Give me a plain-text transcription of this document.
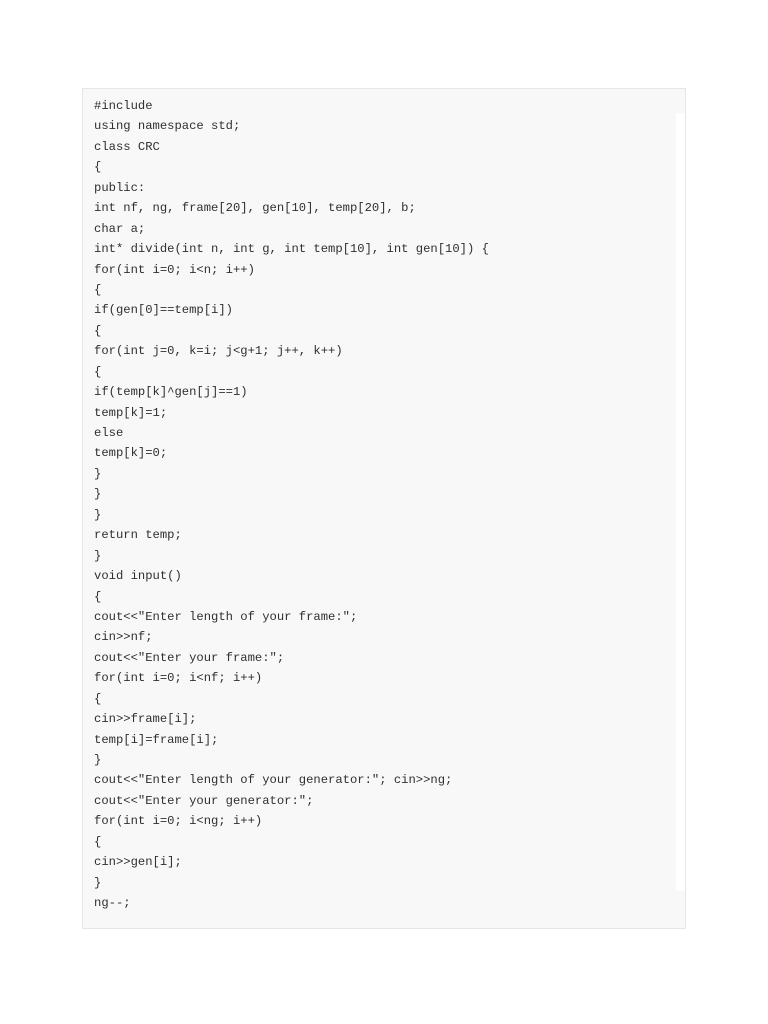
#include
using namespace std;
class CRC
{
public:
int nf, ng, frame[20], gen[10], temp[20], b;
char a;
int* divide(int n, int g, int temp[10], int gen[10]) {
for(int i=0; i<n; i++)
{
if(gen[0]==temp[i])
{
for(int j=0, k=i; j<g+1; j++, k++)
{
if(temp[k]^gen[j]==1)
temp[k]=1;
else
temp[k]=0;
}
}
}
return temp;
}
void input()
{
cout<<"Enter length of your frame:";
cin>>nf;
cout<<"Enter your frame:";
for(int i=0; i<nf; i++)
{
cin>>frame[i];
temp[i]=frame[i];
}
cout<<"Enter length of your generator:"; cin>>ng;
cout<<"Enter your generator:";
for(int i=0; i<ng; i++)
{
cin>>gen[i];
}
ng--;
